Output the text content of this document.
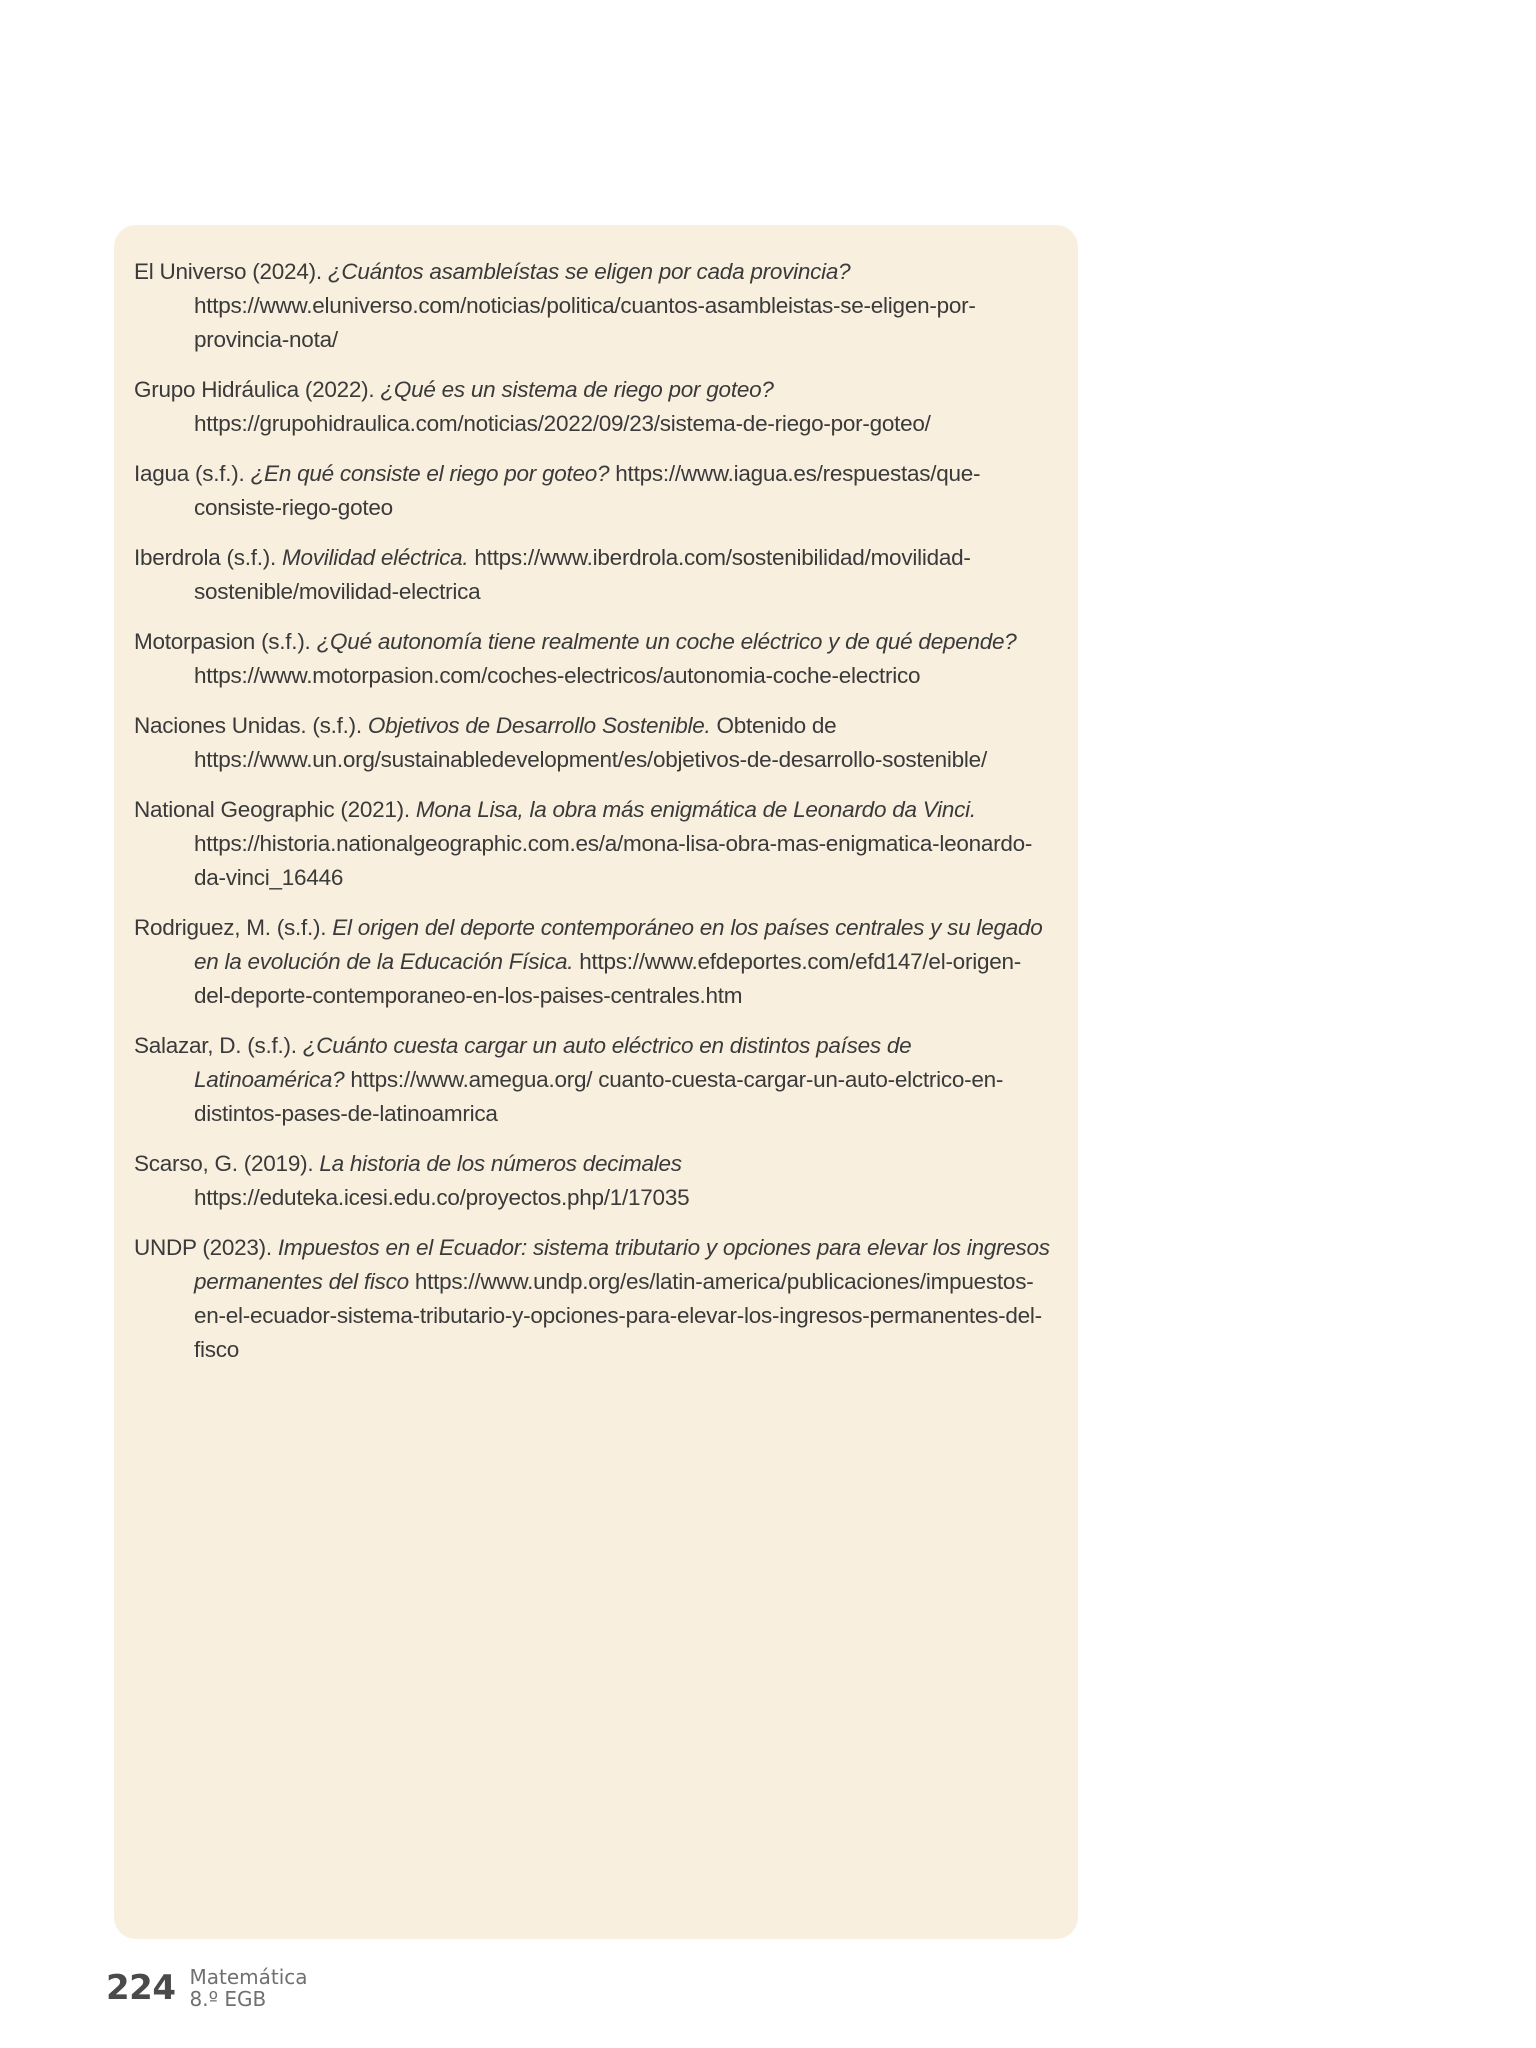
El Universo (2024). ¿Cuántos asambleístas se eligen por cada provincia? https://www.eluniverso.com/noticias/politica/cuantos-asambleistas-se-eligen-por-provincia-nota/

Grupo Hidráulica (2022). ¿Qué es un sistema de riego por goteo? https://grupohidraulica.com/noticias/2022/09/23/sistema-de-riego-por-goteo/

Iagua (s.f.). ¿En qué consiste el riego por goteo? https://www.iagua.es/respuestas/que-consiste-riego-goteo

Iberdrola (s.f.). Movilidad eléctrica. https://www.iberdrola.com/sostenibilidad/movilidad-sostenible/movilidad-electrica

Motorpasion (s.f.). ¿Qué autonomía tiene realmente un coche eléctrico y de qué depende? https://www.motorpasion.com/coches-electricos/autonomia-coche-electrico

Naciones Unidas. (s.f.). Objetivos de Desarrollo Sostenible. Obtenido de https://www.un.org/sustainabledevelopment/es/objetivos-de-desarrollo-sostenible/

National Geographic (2021). Mona Lisa, la obra más enigmática de Leonardo da Vinci. https://historia.nationalgeographic.com.es/a/mona-lisa-obra-mas-enigmatica-leonardo-da-vinci_16446

Rodriguez, M. (s.f.). El origen del deporte contemporáneo en los países centrales y su legado en la evolución de la Educación Física. https://www.efdeportes.com/efd147/el-origen-del-deporte-contemporaneo-en-los-paises-centrales.htm

Salazar, D. (s.f.). ¿Cuánto cuesta cargar un auto eléctrico en distintos países de Latinoamérica? https://www.amegua.org/ cuanto-cuesta-cargar-un-auto-elctrico-en-distintos-pases-de-latinoamrica

Scarso, G. (2019). La historia de los números decimales https://eduteka.icesi.edu.co/proyectos.php/1/17035

UNDP (2023). Impuestos en el Ecuador: sistema tributario y opciones para elevar los ingresos permanentes del fisco https://www.undp.org/es/latin-america/publicaciones/impuestos-en-el-ecuador-sistema-tributario-y-opciones-para-elevar-los-ingresos-permanentes-del-fisco

224 Matemática
8.º EGB
